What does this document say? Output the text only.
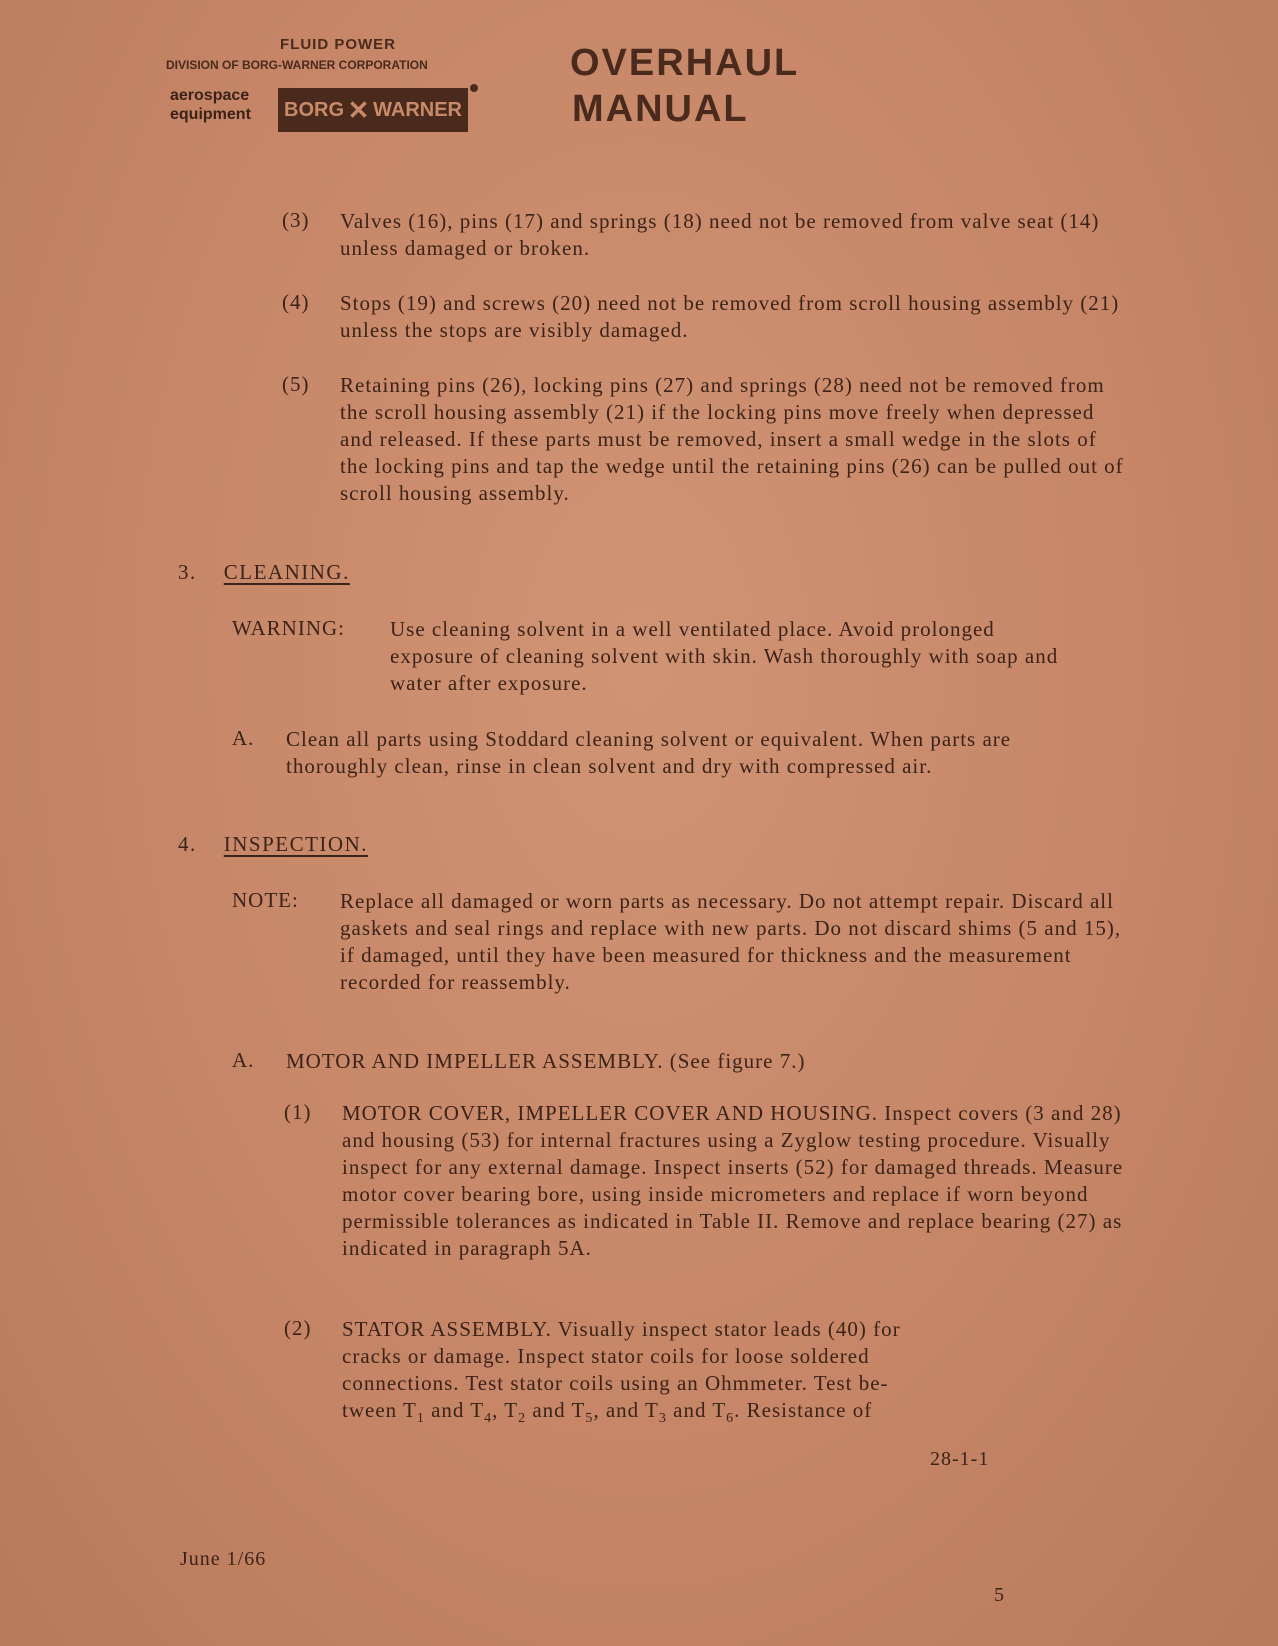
FLUID POWER
DIVISION OF BORG-WARNER CORPORATION
aerospace
equipment BORG ✕ WARNER
OVERHAUL
MANUAL
(3) Valves (16), pins (17) and springs (18) need not be removed from valve seat (14) unless damaged or broken.
(4) Stops (19) and screws (20) need not be removed from scroll housing assembly (21) unless the stops are visibly damaged.
(5) Retaining pins (26), locking pins (27) and springs (28) need not be removed from the scroll housing assembly (21) if the locking pins move freely when depressed and released. If these parts must be removed, insert a small wedge in the slots of the locking pins and tap the wedge until the retaining pins (26) can be pulled out of scroll housing assembly.
3. CLEANING.
WARNING: Use cleaning solvent in a well ventilated place. Avoid prolonged exposure of cleaning solvent with skin. Wash thoroughly with soap and water after exposure.
A. Clean all parts using Stoddard cleaning solvent or equivalent. When parts are thoroughly clean, rinse in clean solvent and dry with compressed air.
4. INSPECTION.
NOTE: Replace all damaged or worn parts as necessary. Do not attempt repair. Discard all gaskets and seal rings and replace with new parts. Do not discard shims (5 and 15), if damaged, until they have been measured for thickness and the measurement recorded for reassembly.
A. MOTOR AND IMPELLER ASSEMBLY. (See figure 7.)
(1) MOTOR COVER, IMPELLER COVER AND HOUSING. Inspect covers (3 and 28) and housing (53) for internal fractures using a Zyglow testing procedure. Visually inspect for any external damage. Inspect inserts (52) for damaged threads. Measure motor cover bearing bore, using inside micrometers and replace if worn beyond permissible tolerances as indicated in Table II. Remove and replace bearing (27) as indicated in paragraph 5A.
(2) STATOR ASSEMBLY. Visually inspect stator leads (40) for
cracks or damage. Inspect stator coils for loose soldered
connections. Test stator coils using an Ohmmeter. Test be-
tween $T_1$ and $T_4$, $T_2$ and $T_5$, and $T_3$ and $T_6$. Resistance of
28-1-1
June 1/66
5
